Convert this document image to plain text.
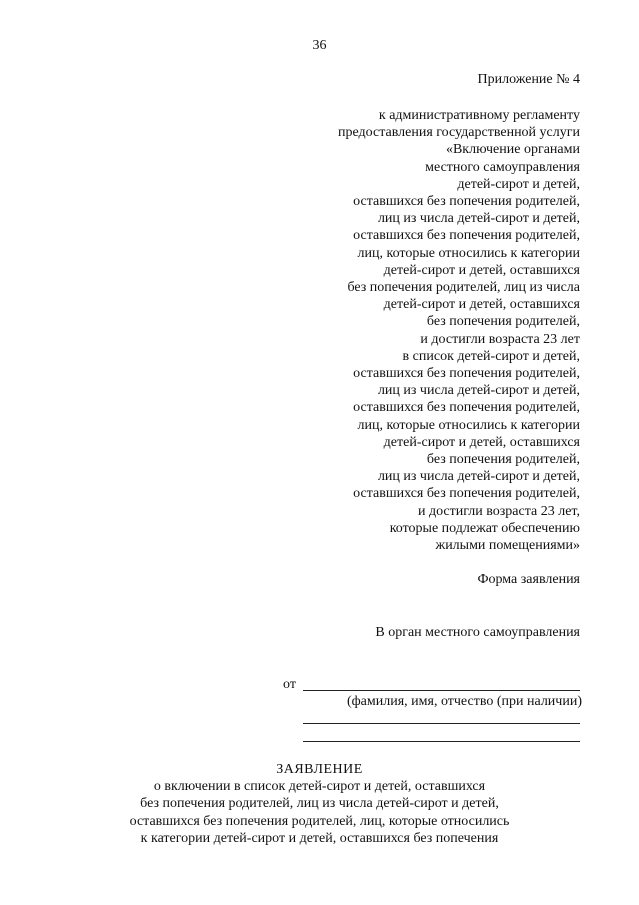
36
Приложение № 4
к административному регламенту
предоставления государственной услуги
«Включение органами
местного самоуправления
детей-сирот и детей,
оставшихся без попечения родителей,
лиц из числа детей-сирот и детей,
оставшихся без попечения родителей,
лиц, которые относились к категории
детей-сирот и детей, оставшихся
без попечения родителей, лиц из числа
детей-сирот и детей, оставшихся
без попечения родителей,
и достигли возраста 23 лет
в список детей-сирот и детей,
оставшихся без попечения родителей,
лиц из числа детей-сирот и детей,
оставшихся без попечения родителей,
лиц, которые относились к категории
детей-сирот и детей, оставшихся
без попечения родителей,
лиц из числа детей-сирот и детей,
оставшихся без попечения родителей,
и достигли возраста 23 лет,
которые подлежат обеспечению
жилыми помещениями»
Форма заявления
В орган местного самоуправления
от
(фамилия, имя, отчество (при наличии)
ЗАЯВЛЕНИЕ
о включении в список детей-сирот и детей, оставшихся
без попечения родителей, лиц из числа детей-сирот и детей,
оставшихся без попечения родителей, лиц, которые относились
к категории детей-сирот и детей, оставшихся без попечения
